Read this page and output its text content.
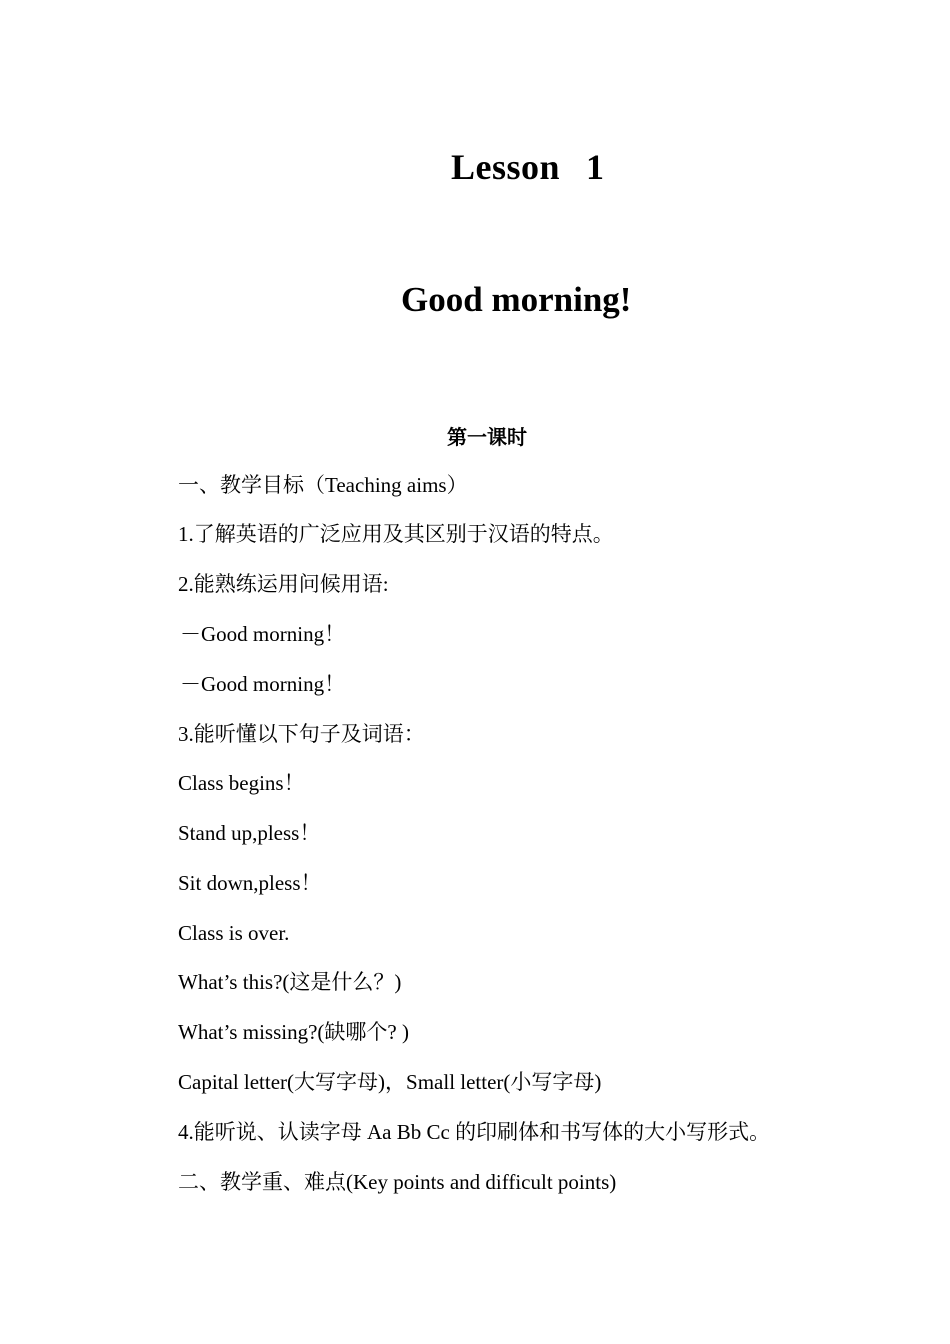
Lesson 1
Good morning!
第一课时

一、教学目标（Teaching aims）

1.了解英语的广泛应用及其区别于汉语的特点。

2.能熟练运用问候用语:

－Good morning！

－Good morning！

3.能听懂以下句子及词语：

Class begins！

Stand up,pless！

Sit down,pless！

Class is over.

What’s this?(这是什么？)

What’s missing?(缺哪个? )

Capital letter(大写字母)，Small letter(小写字母)

4.能听说、认读字母 Aa Bb Cc 的印刷体和书写体的大小写形式。

二、教学重、难点(Key points and difficult points)
